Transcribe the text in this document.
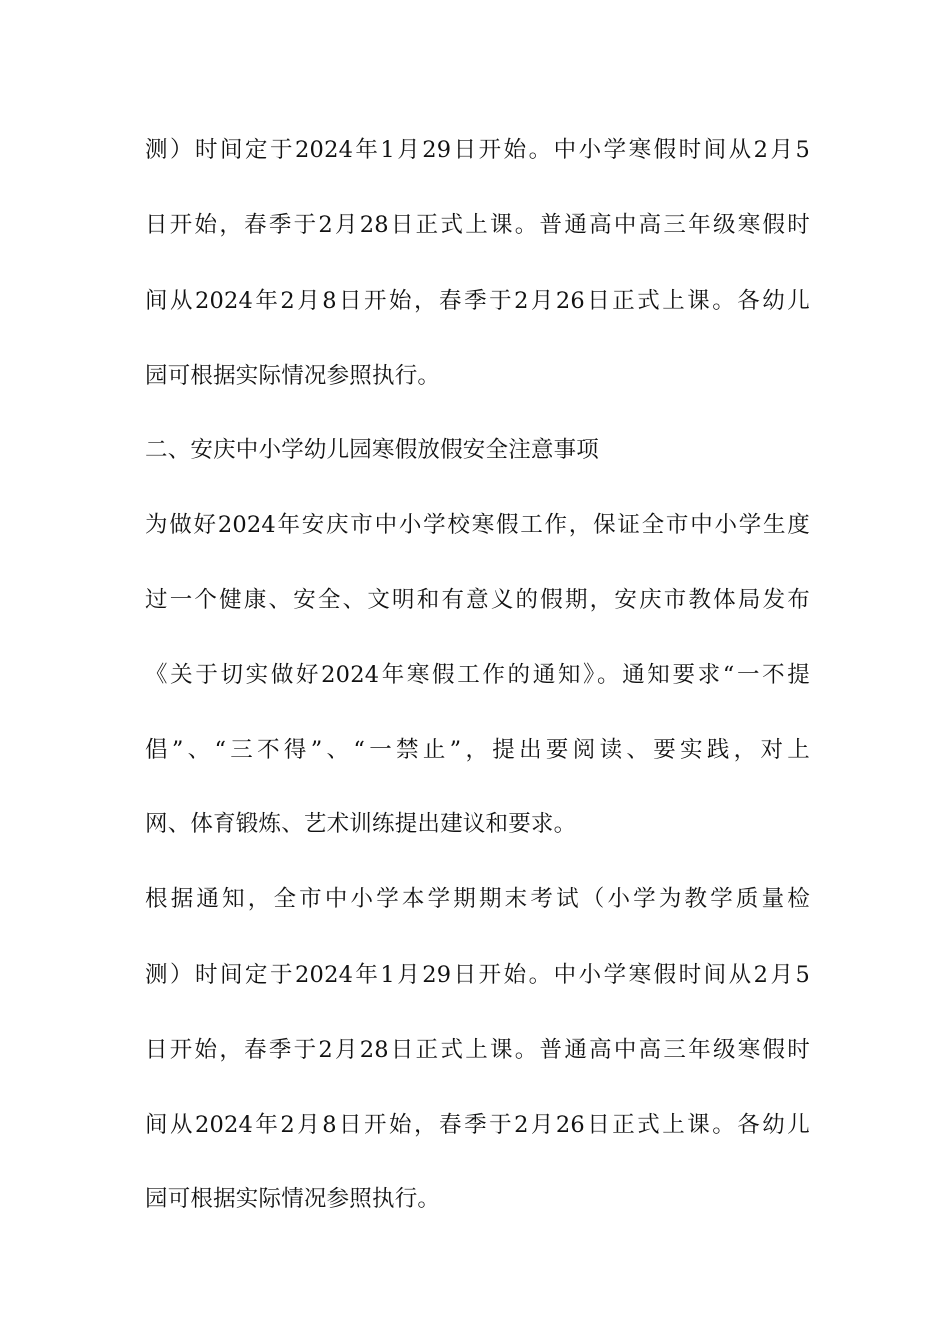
测）时间定于2024年1月29日开始。中小学寒假时间从2月5
日开始，春季于2月28日正式上课。普通高中高三年级寒假时
间从2024年2月8日开始，春季于2月26日正式上课。各幼儿
园可根据实际情况参照执行。
二、安庆中小学幼儿园寒假放假安全注意事项
为做好2024年安庆市中小学校寒假工作，保证全市中小学生度
过一个健康、安全、文明和有意义的假期，安庆市教体局发布
《关于切实做好2024年寒假工作的通知》。通知要求“一不提
倡”、“三不得”、“一禁止”，提出要阅读、要实践，对上
网、体育锻炼、艺术训练提出建议和要求。
根据通知，全市中小学本学期期末考试（小学为教学质量检
测）时间定于2024年1月29日开始。中小学寒假时间从2月5
日开始，春季于2月28日正式上课。普通高中高三年级寒假时
间从2024年2月8日开始，春季于2月26日正式上课。各幼儿
园可根据实际情况参照执行。
